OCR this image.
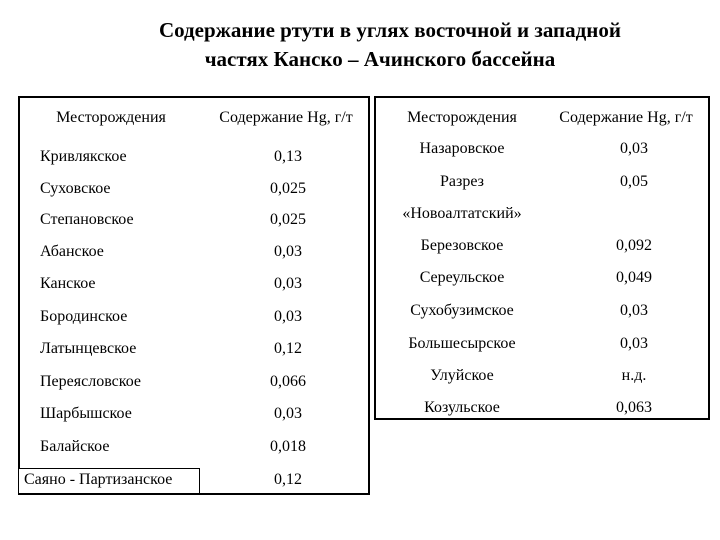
Содержание ртути в углях восточной и западной
частях Канско – Ачинского бассейна
Месторождения	Содержание Hg, г/т
Кривлякское	0,13
Суховское	0,025
Степановское	0,025
Абанское	0,03
Канское	0,03
Бородинское	0,03
Латынцевское	0,12
Переясловское	0,066
Шарбышское	0,03
Балайское	0,018
Саяно - Партизанское	0,12
Месторождения	Содержание Hg, г/т
Назаровское	0,03
Разрез	0,05
«Новоалтатский»
Березовское	0,092
Сереульское	0,049
Сухобузимское	0,03
Большесырское	0,03
Улуйское	н.д.
Козульское	0,063
